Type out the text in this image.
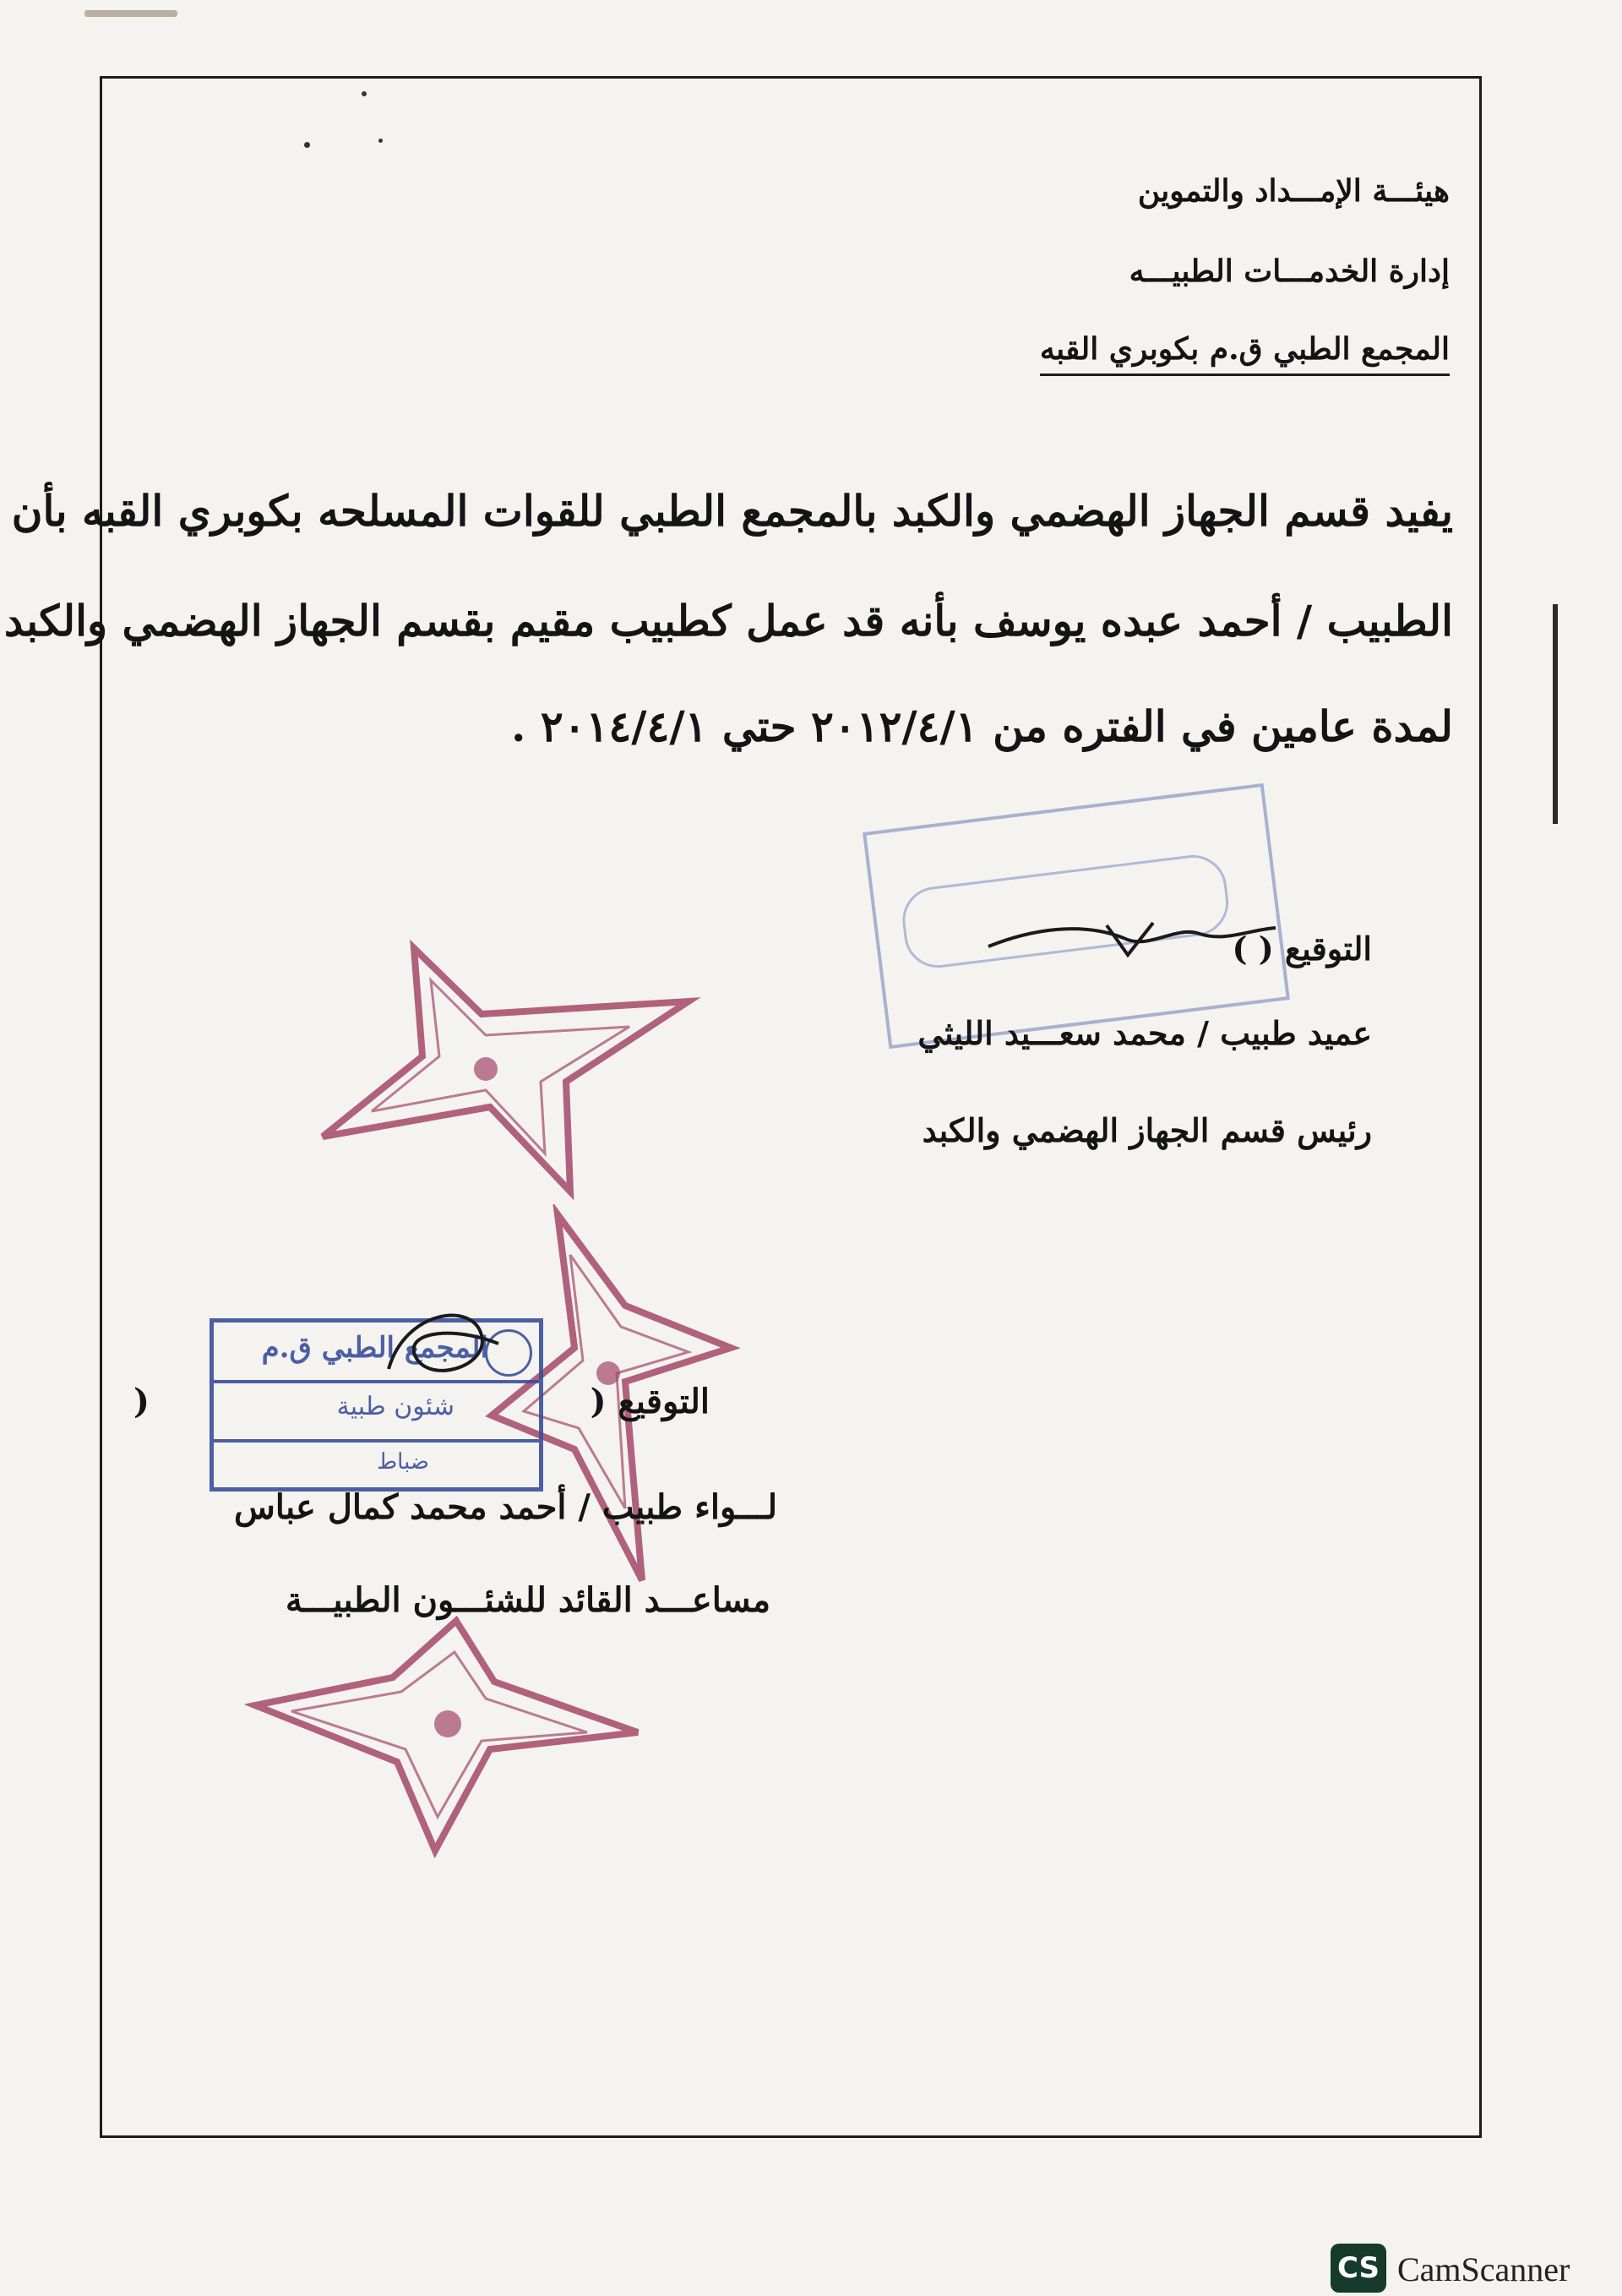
هيئـــة الإمـــداد والتموين
إدارة الخدمـــات الطبيـــه
المجمع الطبي ق.م بكوبري القبه
يفيد قسم الجهاز الهضمي والكبد بالمجمع الطبي للقوات المسلحه بكوبري القبه بأن
الطبيب / أحمد عبده يوسف بأنه قد عمل كطبيب مقيم بقسم الجهاز الهضمي والكبد
لمدة عامين في الفتره من ٢٠١٢/٤/١ حتي ٢٠١٤/٤/١ .
التوقيع ( )
عميد طبيب / محمد سعـــيد الليثي
رئيس قسم الجهاز الهضمي والكبد
المجمع الطبي ق.م
شئون طبية
ضباط
التوقيع (
)
لـــواء طبيب / أحمد محمد كمال عباس
مساعـــد القائد للشئـــون الطبيـــة
CS CamScanner
